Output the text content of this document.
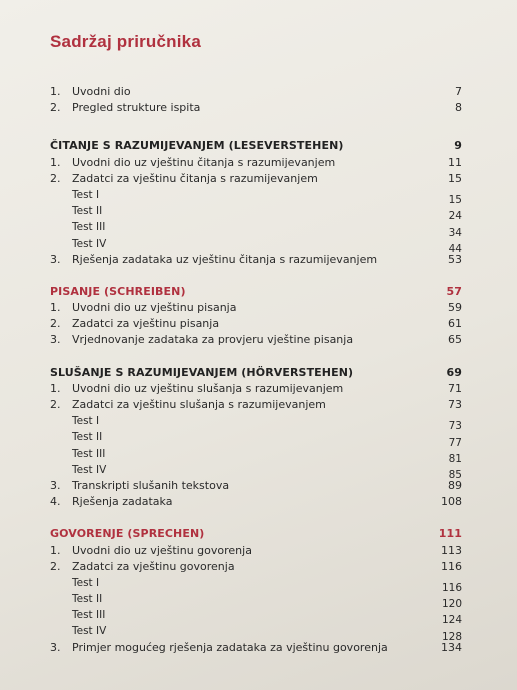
Sadržaj priručnika
1.	Uvodni dio	7
2.	Pregled strukture ispita	8
ČITANJE S RAZUMIJEVANJEM (LESEVERSTEHEN)	9
1.	Uvodni dio uz vještinu čitanja s razumijevanjem	11
2.	Zadatci za vještinu čitanja s razumijevanjem	15
Test I	15
Test II	24
Test III	34
Test IV	44
3.	Rješenja zadataka uz vještinu čitanja s razumijevanjem	53
PISANJE (SCHREIBEN)	57
1.	Uvodni dio uz vještinu pisanja	59
2.	Zadatci za vještinu pisanja	61
3.	Vrjednovanje zadataka za provjeru vještine pisanja	65
SLUŠANJE S RAZUMIJEVANJEM (HÖRVERSTEHEN)	69
1.	Uvodni dio uz vještinu slušanja s razumijevanjem	71
2.	Zadatci za vještinu slušanja s razumijevanjem	73
Test I	73
Test II	77
Test III	81
Test IV	85
3.	Transkripti slušanih tekstova	89
4.	Rješenja zadataka	108
GOVORENJE (SPRECHEN)	111
1.	Uvodni dio uz vještinu govorenja	113
2.	Zadatci za vještinu govorenja	116
Test I	116
Test II	120
Test III	124
Test IV	128
3.	Primjer mogućeg rješenja zadataka za vještinu govorenja	134
